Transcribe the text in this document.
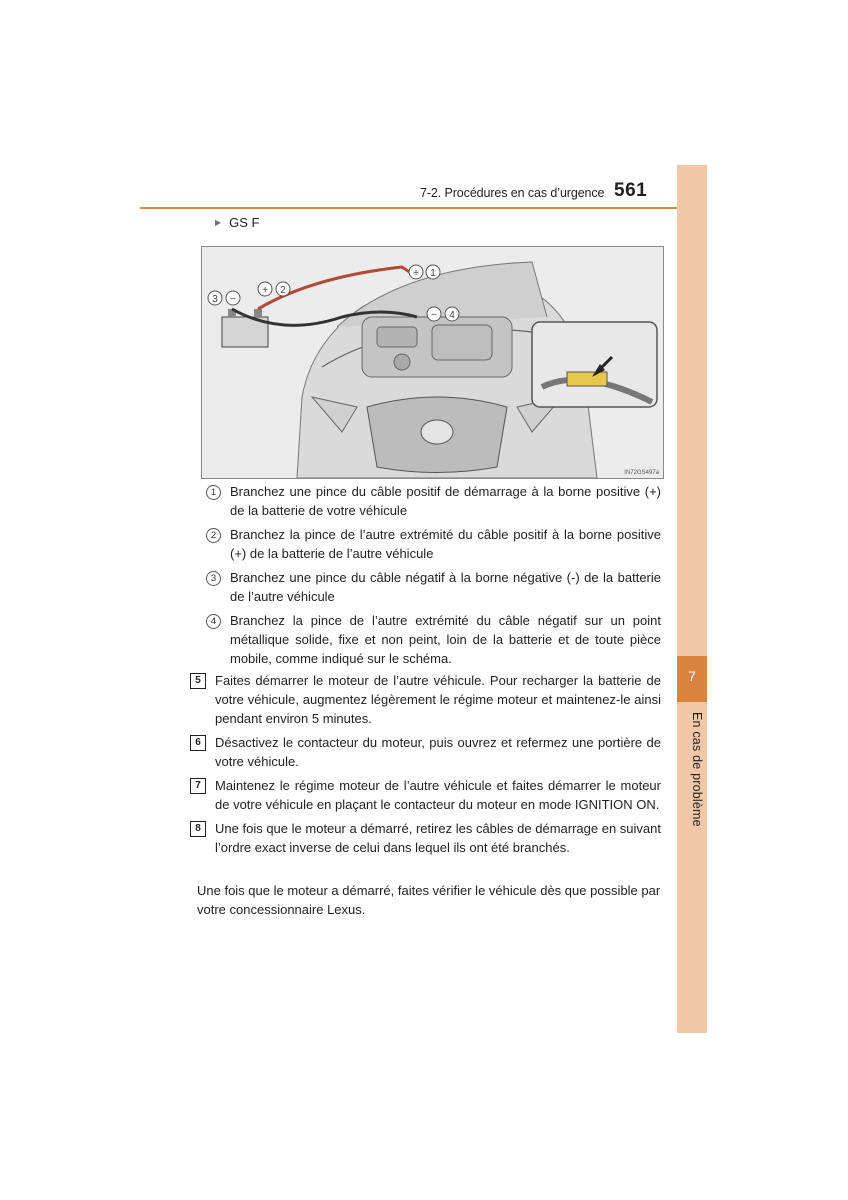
7-2. Procédures en cas d’urgence 561
7
En cas de problème
▶ GS F
+ 1
+ 2
3 −
− 4
IN72GS497a
1	Branchez une pince du câble positif de démarrage à la borne positive (+) de la batterie de votre véhicule
2	Branchez la pince de l’autre extrémité du câble positif à la borne positive (+) de la batterie de l’autre véhicule
3	Branchez une pince du câble négatif à la borne négative (-) de la batterie de l’autre véhicule
4	Branchez la pince de l’autre extrémité du câble négatif sur un point métallique solide, fixe et non peint, loin de la batterie et de toute pièce mobile, comme indiqué sur le schéma.
5	Faites démarrer le moteur de l’autre véhicule. Pour recharger la batterie de votre véhicule, augmentez légèrement le régime moteur et maintenez-le ainsi pendant environ 5 minutes.
6	Désactivez le contacteur du moteur, puis ouvrez et refermez une portière de votre véhicule.
7	Maintenez le régime moteur de l’autre véhicule et faites démarrer le moteur de votre véhicule en plaçant le contacteur du moteur en mode IGNITION ON.
8	Une fois que le moteur a démarré, retirez les câbles de démarrage en suivant l’ordre exact inverse de celui dans lequel ils ont été branchés.
Une fois que le moteur a démarré, faites vérifier le véhicule dès que possible par votre concessionnaire Lexus.
